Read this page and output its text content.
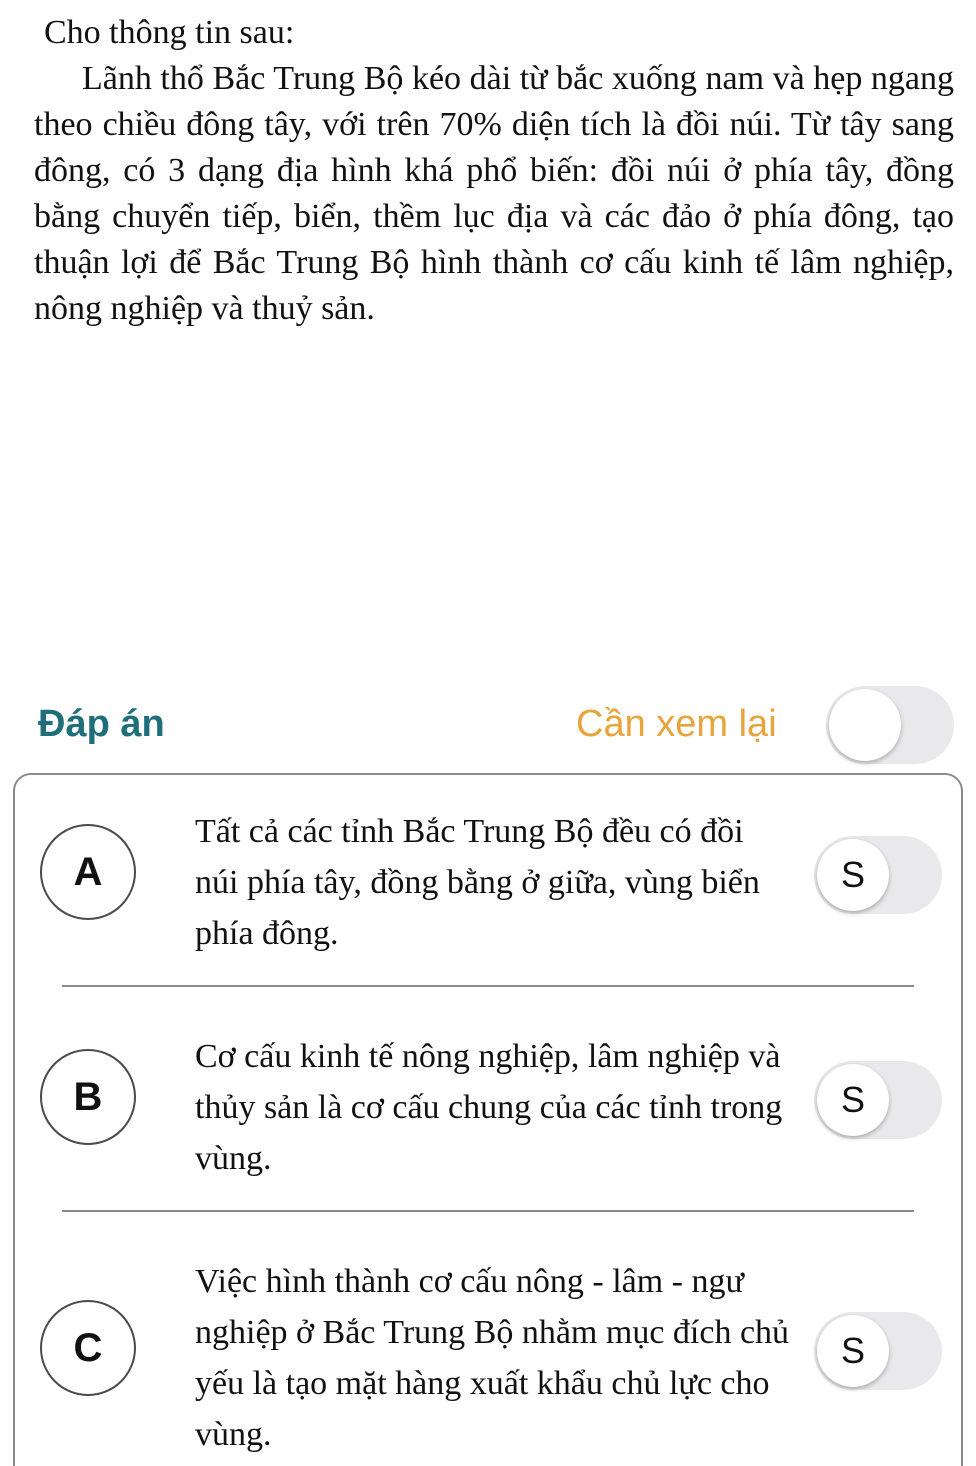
Cho thông tin sau:
Lãnh thổ Bắc Trung Bộ kéo dài từ bắc xuống nam và hẹp ngang theo chiều đông tây, với trên 70% diện tích là đồi núi. Từ tây sang đông, có 3 dạng địa hình khá phổ biến: đồi núi ở phía tây, đồng bằng chuyển tiếp, biển, thềm lục địa và các đảo ở phía đông, tạo thuận lợi để Bắc Trung Bộ hình thành cơ cấu kinh tế lâm nghiệp, nông nghiệp và thuỷ sản.
Đáp án	Cần xem lại
A
Tất cả các tỉnh Bắc Trung Bộ đều có đồi núi phía tây, đồng bằng ở giữa, vùng biển phía đông.
S
B
Cơ cấu kinh tế nông nghiệp, lâm nghiệp và thủy sản là cơ cấu chung của các tỉnh trong vùng.
S
C
Việc hình thành cơ cấu nông - lâm - ngư nghiệp ở Bắc Trung Bộ nhằm mục đích chủ yếu là tạo mặt hàng xuất khẩu chủ lực cho vùng.
S
